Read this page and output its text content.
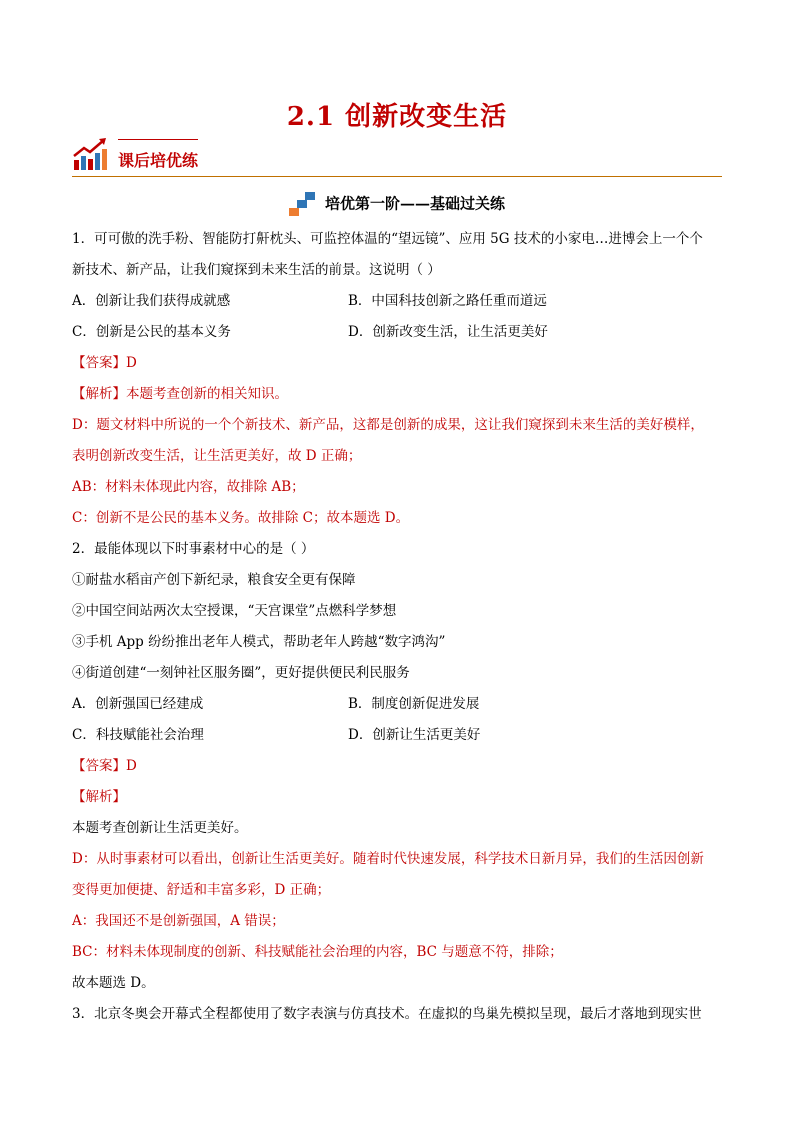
2.1 创新改变生活
课后培优练
培优第一阶——基础过关练

1．可可傲的洗手粉、智能防打鼾枕头、可监控体温的“望远镜”、应用 5G 技术的小家电…进博会上一个个

新技术、新产品，让我们窥探到未来生活的前景。这说明（ ）

A．创新让我们获得成就感	B．中国科技创新之路任重而道远
C．创新是公民的基本义务	D．创新改变生活，让生活更美好

【答案】D

【解析】本题考查创新的相关知识。

D：题文材料中所说的一个个新技术、新产品，这都是创新的成果，这让我们窥探到未来生活的美好模样，

表明创新改变生活，让生活更美好，故 D 正确；

AB：材料未体现此内容，故排除 AB；

C：创新不是公民的基本义务。故排除 C；故本题选 D。

2．最能体现以下时事素材中心的是（ ）

①耐盐水稻亩产创下新纪录，粮食安全更有保障

②中国空间站两次太空授课，“天宫课堂”点燃科学梦想

③手机 App 纷纷推出老年人模式，帮助老年人跨越“数字鸿沟”

④街道创建“一刻钟社区服务圈”，更好提供便民利民服务

A．创新强国已经建成	B．制度创新促进发展
C．科技赋能社会治理	D．创新让生活更美好

【答案】D

【解析】

本题考查创新让生活更美好。

D：从时事素材可以看出，创新让生活更美好。随着时代快速发展，科学技术日新月异，我们的生活因创新

变得更加便捷、舒适和丰富多彩，D 正确；

A：我国还不是创新强国，A 错误；

BC：材料未体现制度的创新、科技赋能社会治理的内容，BC 与题意不符，排除；

故本题选 D。

3．北京冬奥会开幕式全程都使用了数字表演与仿真技术。在虚拟的鸟巢先模拟呈现，最后才落地到现实世
